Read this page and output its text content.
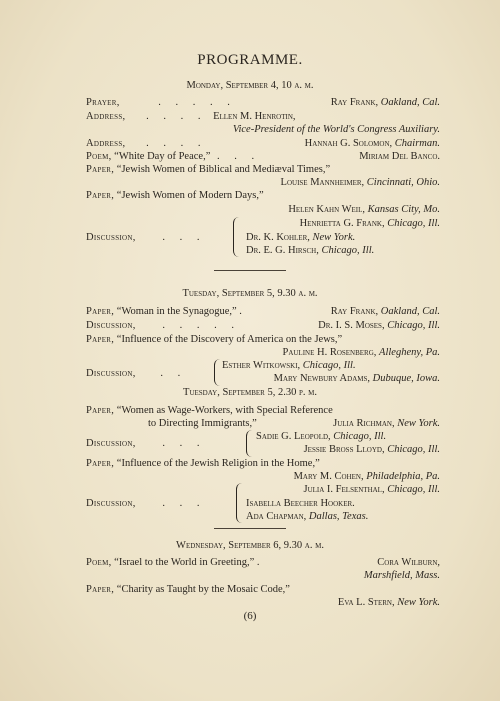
PROGRAMME.
Monday, September 4, 10 a. m.
Prayer,	. . . . .	Ray Frank, Oakland, Cal.
Address, . . . . Ellen M. Henrotin,
Vice-President of the World's Congress Auxiliary.
Address, . . . .	Hannah G. Solomon, Chairman.
Poem, “White Day of Peace,” . . .	Miriam Del Banco.
Paper, “Jewish Women of Biblical and Mediæval Times,”
Louise Mannheimer, Cincinnati, Ohio.
Paper, “Jewish Women of Modern Days,”
Helen Kahn Weil, Kansas City, Mo.
Discussion,	. . .
Henrietta G. Frank, Chicago, Ill.
Dr. K. Kohler, New York.
Dr. E. G. Hirsch, Chicago, Ill.
Tuesday, September 5, 9.30 a. m.
Paper, “Woman in the Synagogue,” .	Ray Frank, Oakland, Cal.
Discussion,	. . . . .	Dr. I. S. Moses, Chicago, Ill.
Paper, “Influence of the Discovery of America on the Jews,”
Pauline H. Rosenberg, Allegheny, Pa.
Discussion, . .
Esther Witkowski, Chicago, Ill.
Mary Newbury Adams, Dubuque, Iowa.
Tuesday, September 5, 2.30 p. m.
Paper, “Women as Wage-Workers, with Special Reference
to Directing Immigrants,”	Julia Richman, New York.
Discussion,	. . .
Sadie G. Leopold, Chicago, Ill.
Jessie Bross Lloyd, Chicago, Ill.
Paper, “Influence of the Jewish Religion in the Home,”
Mary M. Cohen, Philadelphia, Pa.
Discussion,	. . .
Julia I. Felsenthal, Chicago, Ill.
Isabella Beecher Hooker.
Ada Chapman, Dallas, Texas.
Wednesday, September 6, 9.30 a. m.
Poem, “Israel to the World in Greeting,” .	Cora Wilburn,
Marshfield, Mass.
Paper, “Charity as Taught by the Mosaic Code,”
Eva L. Stern, New York.
(6)
